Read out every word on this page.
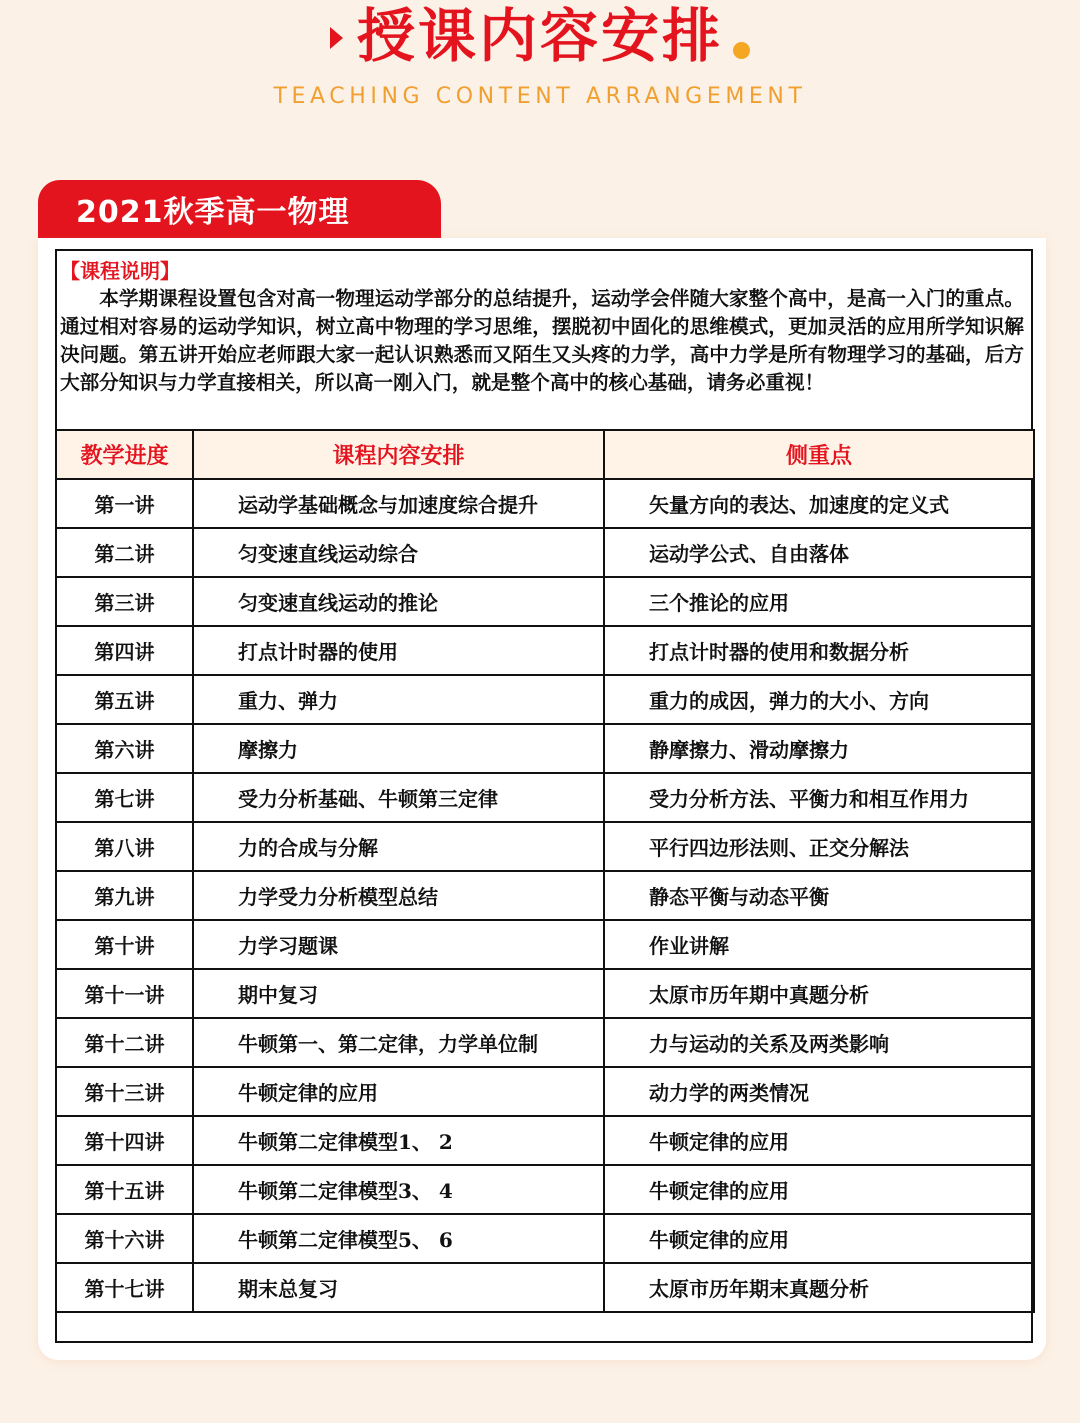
授课内容安排
TEACHING CONTENT ARRANGEMENT
2021秋季高一物理
【课程说明】
本学期课程设置包含对高一物理运动学部分的总结提升，运动学会伴随大家整个高中，是高一入门的重点。通过相对容易的运动学知识，树立高中物理的学习思维，摆脱初中固化的思维模式，更加灵活的应用所学知识解决问题。第五讲开始应老师跟大家一起认识熟悉而又陌生又头疼的力学，高中力学是所有物理学习的基础，后方大部分知识与力学直接相关，所以高一刚入门，就是整个高中的核心基础，请务必重视！
教学进度	课程内容安排	侧重点
第一讲	运动学基础概念与加速度综合提升	矢量方向的表达、加速度的定义式
第二讲	匀变速直线运动综合	运动学公式、自由落体
第三讲	匀变速直线运动的推论	三个推论的应用
第四讲	打点计时器的使用	打点计时器的使用和数据分析
第五讲	重力、弹力	重力的成因，弹力的大小、方向
第六讲	摩擦力	静摩擦力、滑动摩擦力
第七讲	受力分析基础、牛顿第三定律	受力分析方法、平衡力和相互作用力
第八讲	力的合成与分解	平行四边形法则、正交分解法
第九讲	力学受力分析模型总结	静态平衡与动态平衡
第十讲	力学习题课	作业讲解
第十一讲	期中复习	太原市历年期中真题分析
第十二讲	牛顿第一、第二定律，力学单位制	力与运动的关系及两类影响
第十三讲	牛顿定律的应用	动力学的两类情况
第十四讲	牛顿第二定律模型1、 2	牛顿定律的应用
第十五讲	牛顿第二定律模型3、 4	牛顿定律的应用
第十六讲	牛顿第二定律模型5、 6	牛顿定律的应用
第十七讲	期末总复习	太原市历年期末真题分析
